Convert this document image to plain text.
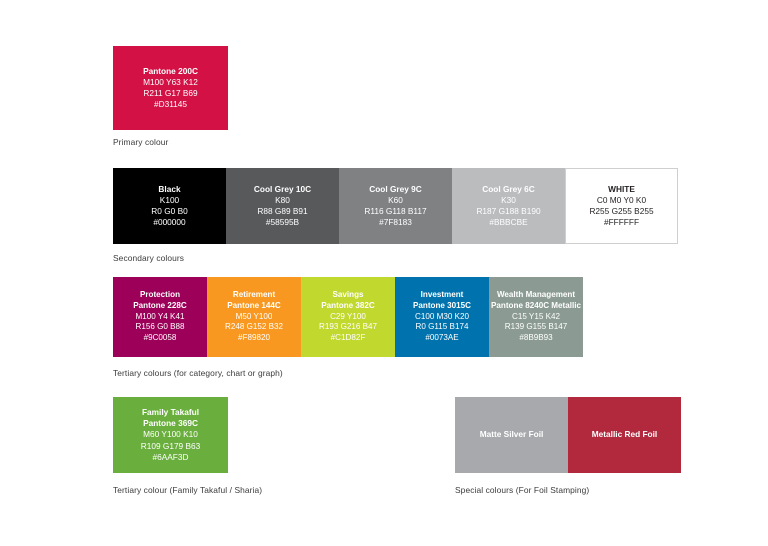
Pantone 200C
M100 Y63 K12
R211 G17 B69
#D31145
Primary colour
Black
K100
R0 G0 B0
#000000
Cool Grey 10C
K80
R88 G89 B91
#58595B
Cool Grey 9C
K60
R116 G118 B117
#7F8183
Cool Grey 6C
K30
R187 G188 B190
#BBBCBE
WHITE
C0 M0 Y0 K0
R255 G255 B255
#FFFFFF
Secondary colours
Protection
Pantone 228C
M100 Y4 K41
R156 G0 B88
#9C0058
Retirement
Pantone 144C
M50 Y100
R248 G152 B32
#F89820
Savings
Pantone 382C
C29 Y100
R193 G216 B47
#C1D82F
Investment
Pantone 3015C
C100 M30 K20
R0 G115 B174
#0073AE
Wealth Management
Pantone 8240C Metallic
C15 Y15 K42
R139 G155 B147
#8B9B93
Tertiary colours (for category, chart or graph)
Family Takaful
Pantone 369C
M60 Y100 K10
R109 G179 B63
#6AAF3D
Tertiary colour (Family Takaful / Sharia)
Matte Silver Foil	Metallic Red Foil
Special colours (For Foil Stamping)
